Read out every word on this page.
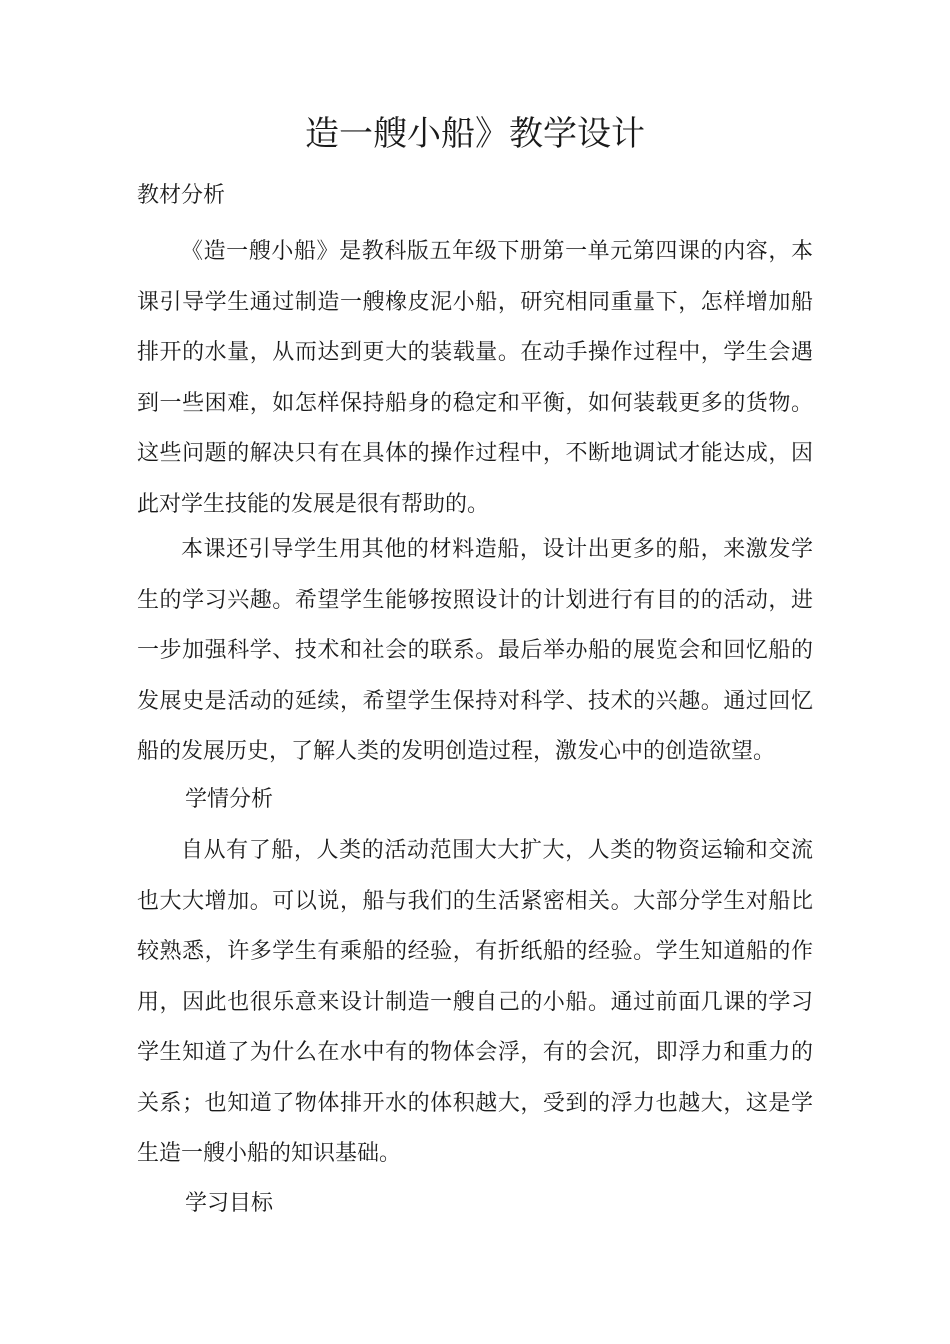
造一艘小船》教学设计
教材分析

《造一艘小船》是教科版五年级下册第一单元第四课的内容，本课引导学生通过制造一艘橡皮泥小船，研究相同重量下，怎样增加船排开的水量，从而达到更大的装载量。在动手操作过程中，学生会遇到一些困难，如怎样保持船身的稳定和平衡，如何装载更多的货物。这些问题的解决只有在具体的操作过程中，不断地调试才能达成，因此对学生技能的发展是很有帮助的。

本课还引导学生用其他的材料造船，设计出更多的船，来激发学生的学习兴趣。希望学生能够按照设计的计划进行有目的的活动，进一步加强科学、技术和社会的联系。最后举办船的展览会和回忆船的发展史是活动的延续，希望学生保持对科学、技术的兴趣。通过回忆船的发展历史，了解人类的发明创造过程，激发心中的创造欲望。

学情分析

自从有了船，人类的活动范围大大扩大，人类的物资运输和交流也大大增加。可以说，船与我们的生活紧密相关。大部分学生对船比较熟悉，许多学生有乘船的经验，有折纸船的经验。学生知道船的作用，因此也很乐意来设计制造一艘自己的小船。通过前面几课的学习学生知道了为什么在水中有的物体会浮，有的会沉，即浮力和重力的关系；也知道了物体排开水的体积越大，受到的浮力也越大，这是学生造一艘小船的知识基础。

学习目标
